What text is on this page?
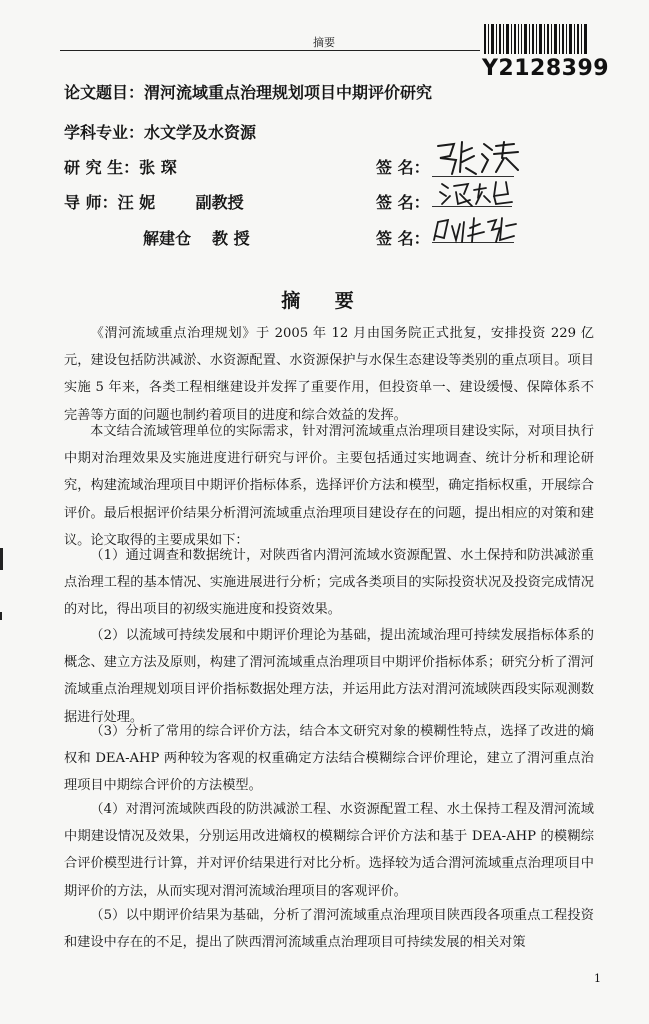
摘要
Y2128399
论文题目：渭河流域重点治理规划项目中期评价研究
学科专业：水文学及水资源
研 究 生：张 琛
导 师：汪 妮	副教授
解建仓 教 授
签 名：
签 名：
签 名：
摘 要
《渭河流域重点治理规划》于 2005 年 12 月由国务院正式批复，安排投资 229 亿元，建设包括防洪减淤、水资源配置、水资源保护与水保生态建设等类别的重点项目。项目实施 5 年来，各类工程相继建设并发挥了重要作用，但投资单一、建设缓慢、保障体系不完善等方面的问题也制约着项目的进度和综合效益的发挥。
本文结合流域管理单位的实际需求，针对渭河流域重点治理项目建设实际，对项目执行中期对治理效果及实施进度进行研究与评价。主要包括通过实地调查、统计分析和理论研究，构建流域治理项目中期评价指标体系，选择评价方法和模型，确定指标权重，开展综合评价。最后根据评价结果分析渭河流域重点治理项目建设存在的问题，提出相应的对策和建议。论文取得的主要成果如下：
（1）通过调查和数据统计，对陕西省内渭河流域水资源配置、水土保持和防洪减淤重点治理工程的基本情况、实施进展进行分析；完成各类项目的实际投资状况及投资完成情况的对比，得出项目的初级实施进度和投资效果。
（2）以流域可持续发展和中期评价理论为基础，提出流域治理可持续发展指标体系的概念、建立方法及原则，构建了渭河流域重点治理项目中期评价指标体系；研究分析了渭河流域重点治理规划项目评价指标数据处理方法，并运用此方法对渭河流域陕西段实际观测数据进行处理。
（3）分析了常用的综合评价方法，结合本文研究对象的模糊性特点，选择了改进的熵权和 DEA-AHP 两种较为客观的权重确定方法结合模糊综合评价理论，建立了渭河重点治理项目中期综合评价的方法模型。
（4）对渭河流域陕西段的防洪减淤工程、水资源配置工程、水土保持工程及渭河流域中期建设情况及效果，分别运用改进熵权的模糊综合评价方法和基于 DEA-AHP 的模糊综合评价模型进行计算，并对评价结果进行对比分析。选择较为适合渭河流域重点治理项目中期评价的方法，从而实现对渭河流域治理项目的客观评价。
（5）以中期评价结果为基础，分析了渭河流域重点治理项目陕西段各项重点工程投资和建设中存在的不足，提出了陕西渭河流域重点治理项目可持续发展的相关对策
1
